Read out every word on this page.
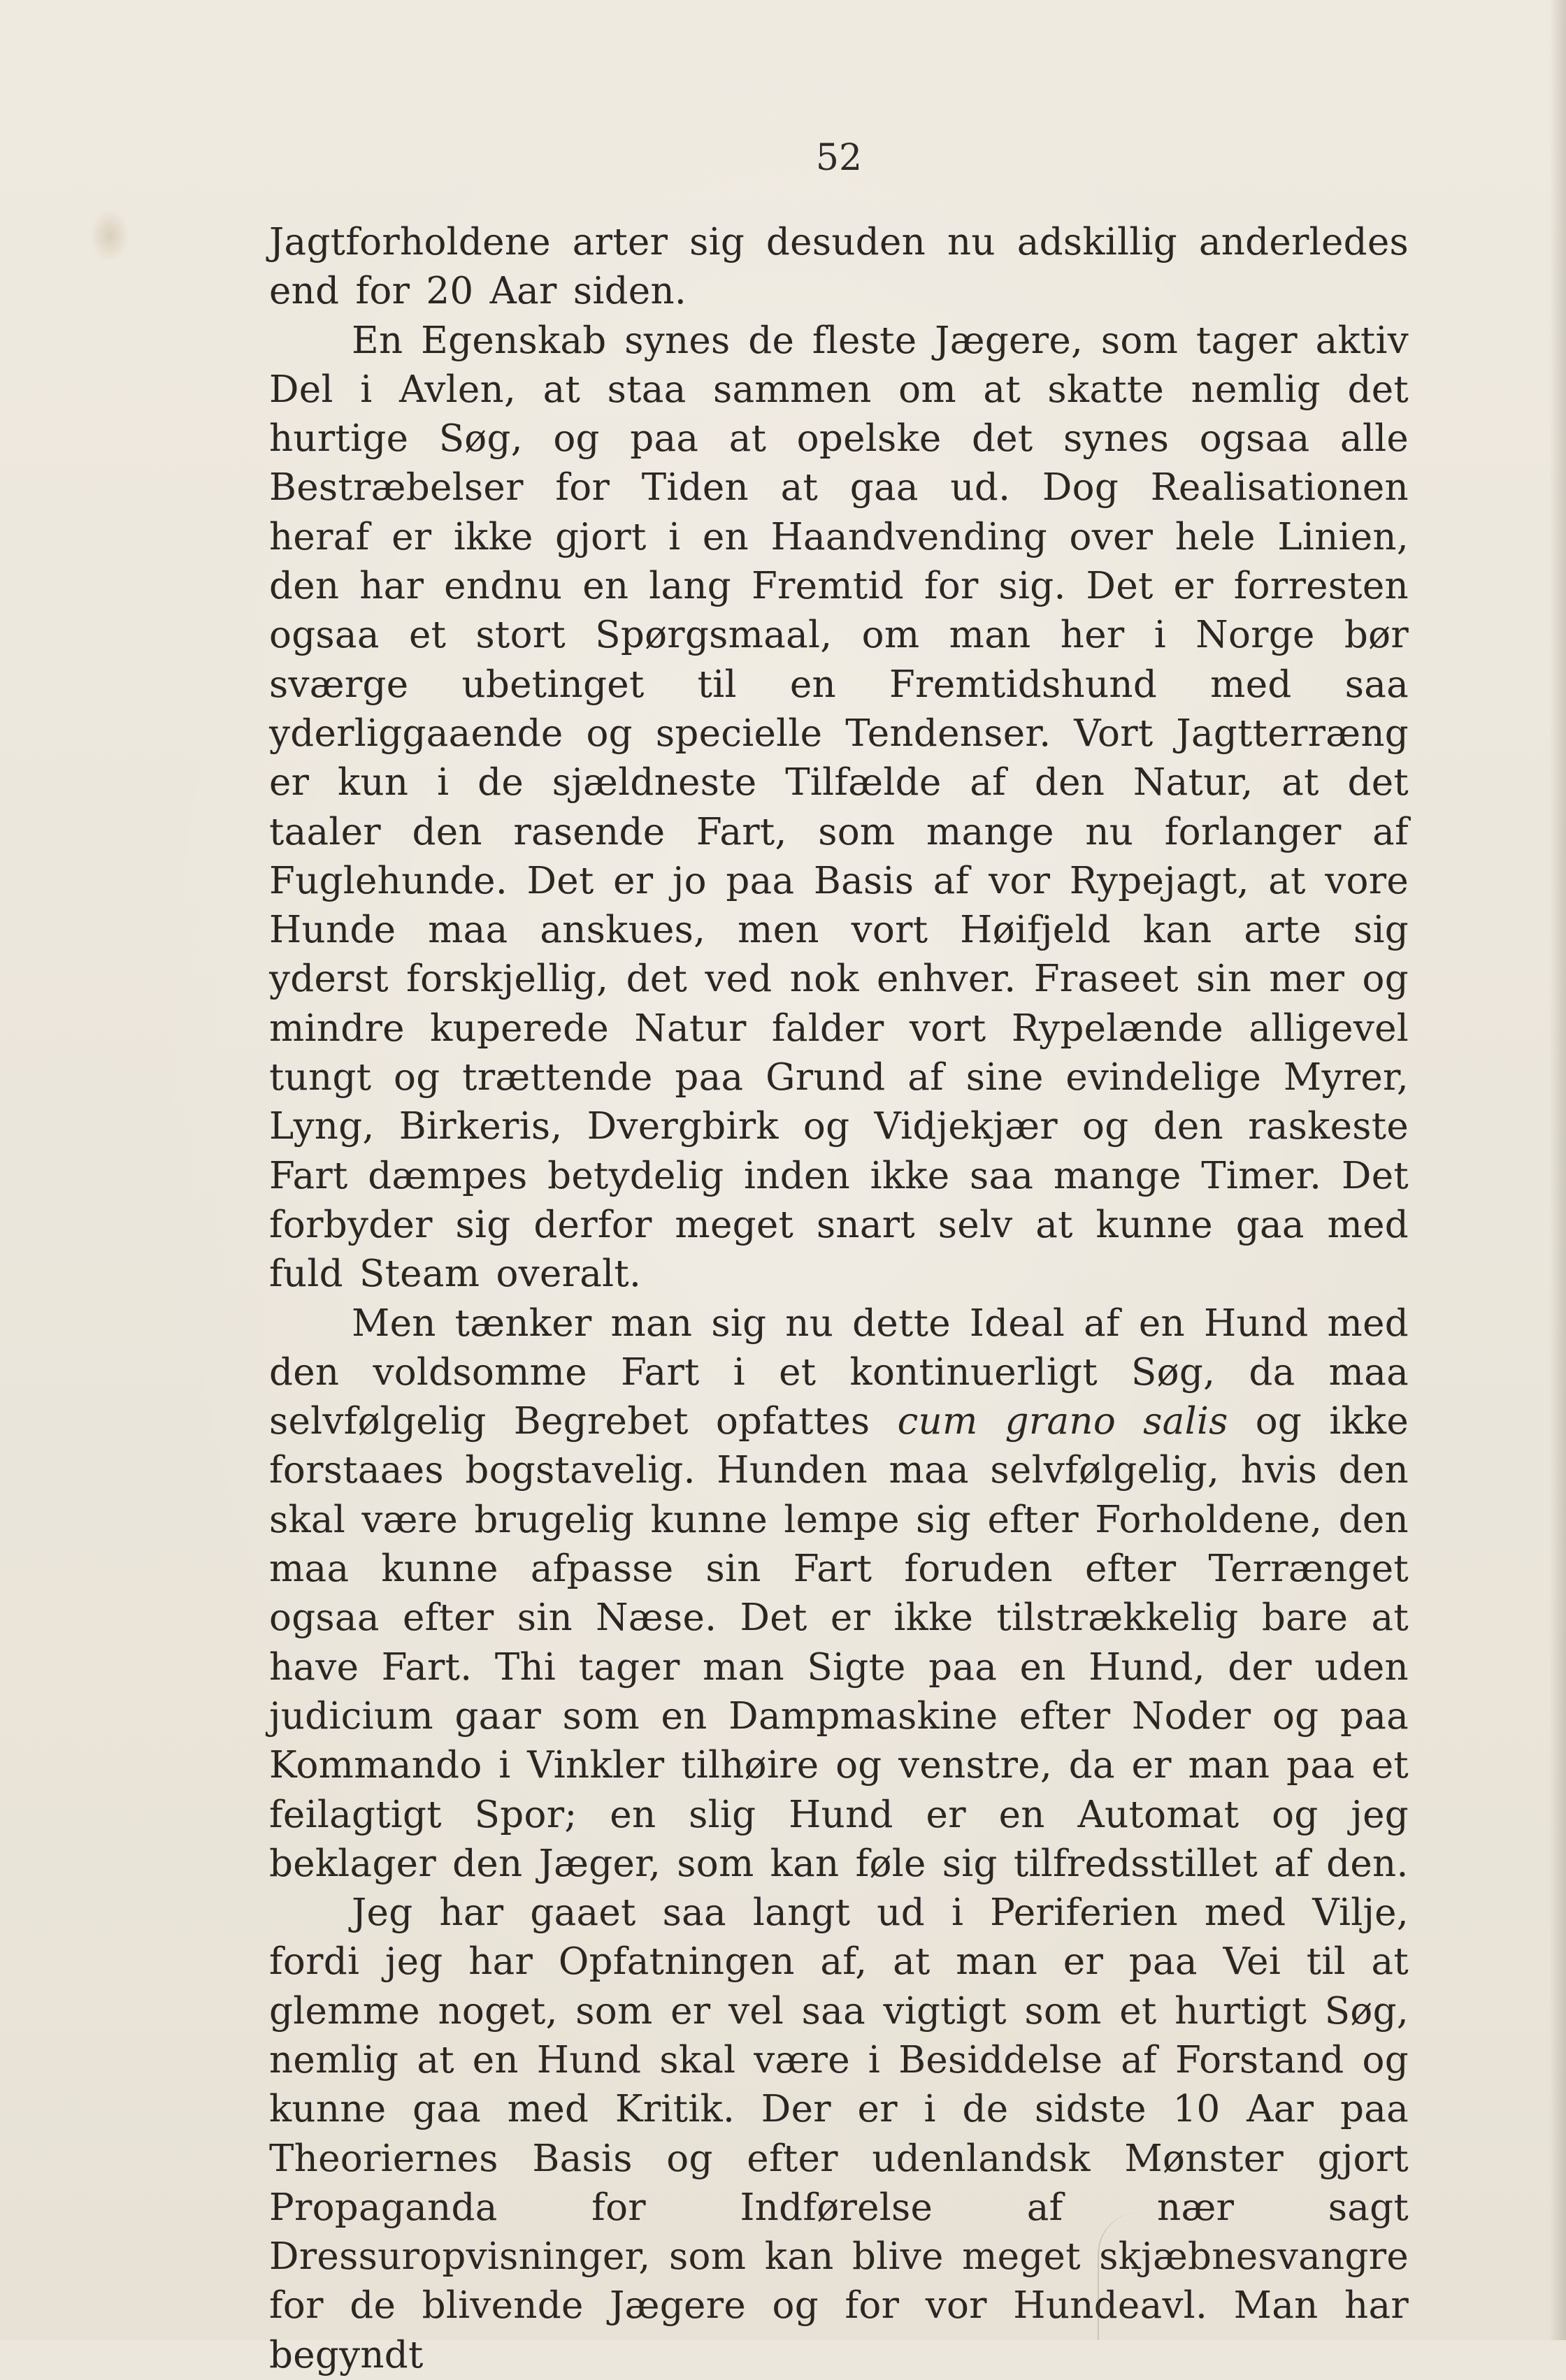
52

Jagtforholdene arter sig desuden nu adskillig anderledes end for 20 Aar siden.

En Egenskab synes de fleste Jægere, som tager aktiv Del i Avlen, at staa sammen om at skatte nemlig det hurtige Søg, og paa at opelske det synes ogsaa alle Bestræbelser for Tiden at gaa ud. Dog Realisationen heraf er ikke gjort i en Haandvending over hele Linien, den har endnu en lang Fremtid for sig. Det er forresten ogsaa et stort Spørgsmaal, om man her i Norge bør sværge ubetinget til en Fremtidshund med saa yderliggaaende og specielle Tendenser. Vort Jagtterræng er kun i de sjældneste Tilfælde af den Natur, at det taaler den rasende Fart, som mange nu forlanger af Fuglehunde. Det er jo paa Basis af vor Rypejagt, at vore Hunde maa anskues, men vort Høifjeld kan arte sig yderst forskjellig, det ved nok enhver. Fraseet sin mer og mindre kuperede Natur falder vort Rypelænde alligevel tungt og trættende paa Grund af sine evindelige Myrer, Lyng, Birkeris, Dvergbirk og Vidjekjær og den raskeste Fart dæmpes betydelig inden ikke saa mange Timer. Det forbyder sig derfor meget snart selv at kunne gaa med fuld Steam overalt.

Men tænker man sig nu dette Ideal af en Hund med den voldsomme Fart i et kontinuerligt Søg, da maa selvfølgelig Begrebet opfattes cum grano salis og ikke forstaaes bogstavelig. Hunden maa selvfølgelig, hvis den skal være brugelig kunne lempe sig efter Forholdene, den maa kunne afpasse sin Fart foruden efter Terrænget ogsaa efter sin Næse. Det er ikke tilstrækkelig bare at have Fart. Thi tager man Sigte paa en Hund, der uden judicium gaar som en Dampmaskine efter Noder og paa Kommando i Vinkler tilhøire og venstre, da er man paa et feilagtigt Spor; en slig Hund er en Automat og jeg beklager den Jæger, som kan føle sig tilfredsstillet af den.

Jeg har gaaet saa langt ud i Periferien med Vilje, fordi jeg har Opfatningen af, at man er paa Vei til at glemme noget, som er vel saa vigtigt som et hurtigt Søg, nemlig at en Hund skal være i Besiddelse af Forstand og kunne gaa med Kritik. Der er i de sidste 10 Aar paa Theoriernes Basis og efter udenlandsk Mønster gjort Propaganda for Indførelse af nær sagt Dressuropvisninger, som kan blive meget skjæbnesvangre for de blivende Jægere og for vor Hundeavl. Man har begyndt
